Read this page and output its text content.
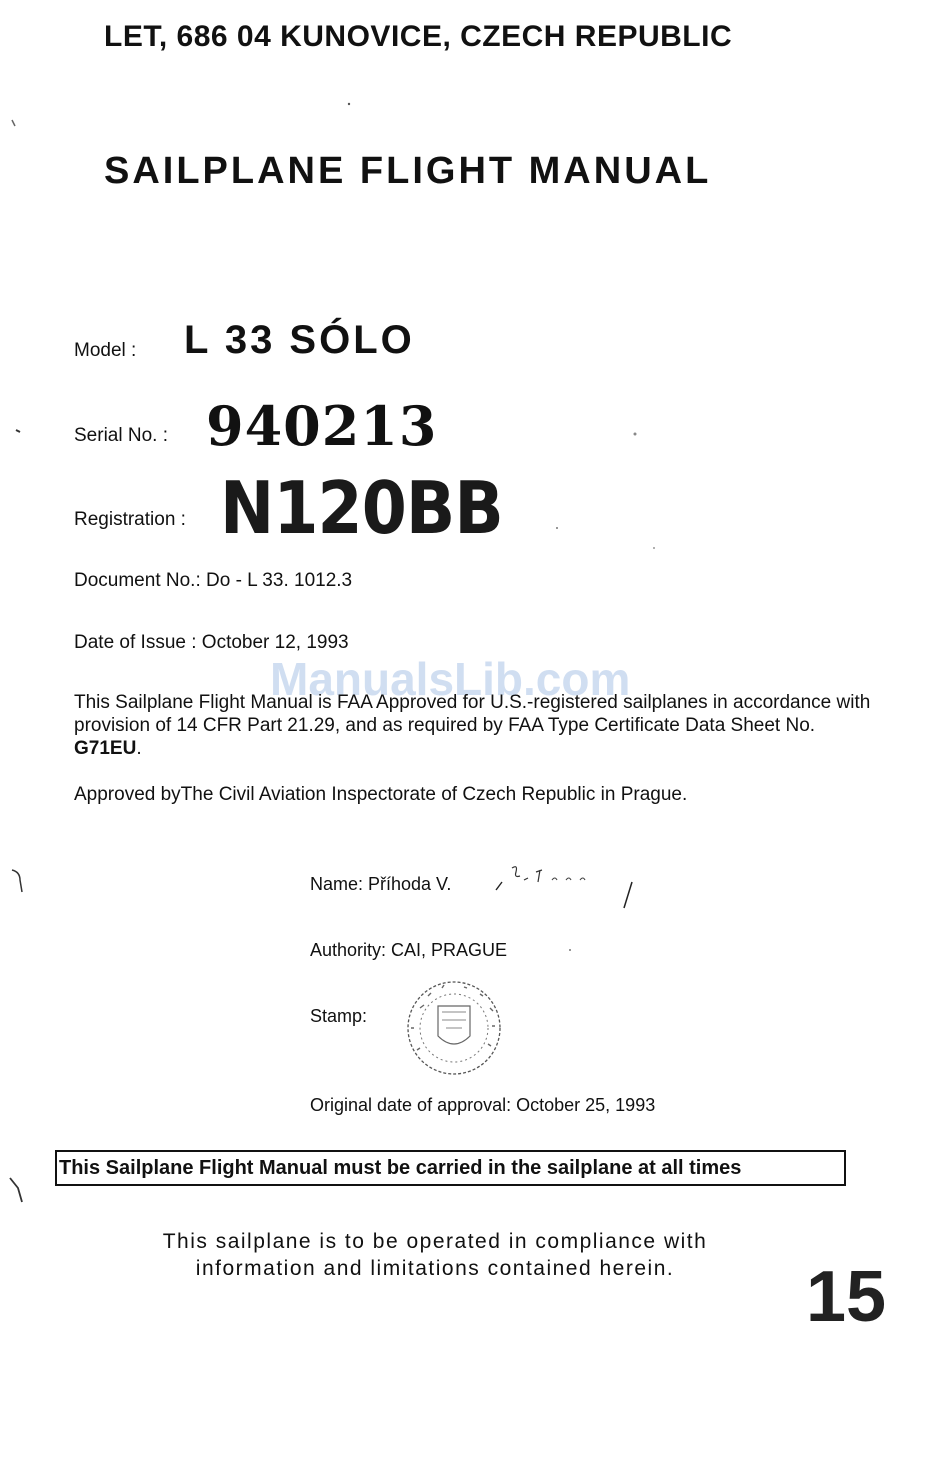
LET, 686 04 KUNOVICE, CZECH REPUBLIC
SAILPLANE FLIGHT MANUAL
Model : L 33 SÓLO
Serial No. : 940213
Registration : N120BB
Document No.: Do - L 33. 1012.3
Date of Issue : October 12, 1993
ManualsLib.com
This Sailplane Flight Manual is FAA Approved for U.S.-registered sailplanes in accordance with provision of 14 CFR Part 21.29, and as required by FAA Type Certificate Data Sheet No. G71EU.
Approved byThe Civil Aviation Inspectorate of Czech Republic in Prague.
Name: Příhoda V.
Authority: CAI, PRAGUE
Stamp:
Original date of approval: October 25, 1993
This Sailplane Flight Manual must be carried in the sailplane at all times
This sailplane is to be operated in compliance with
information and limitations contained herein.	15
